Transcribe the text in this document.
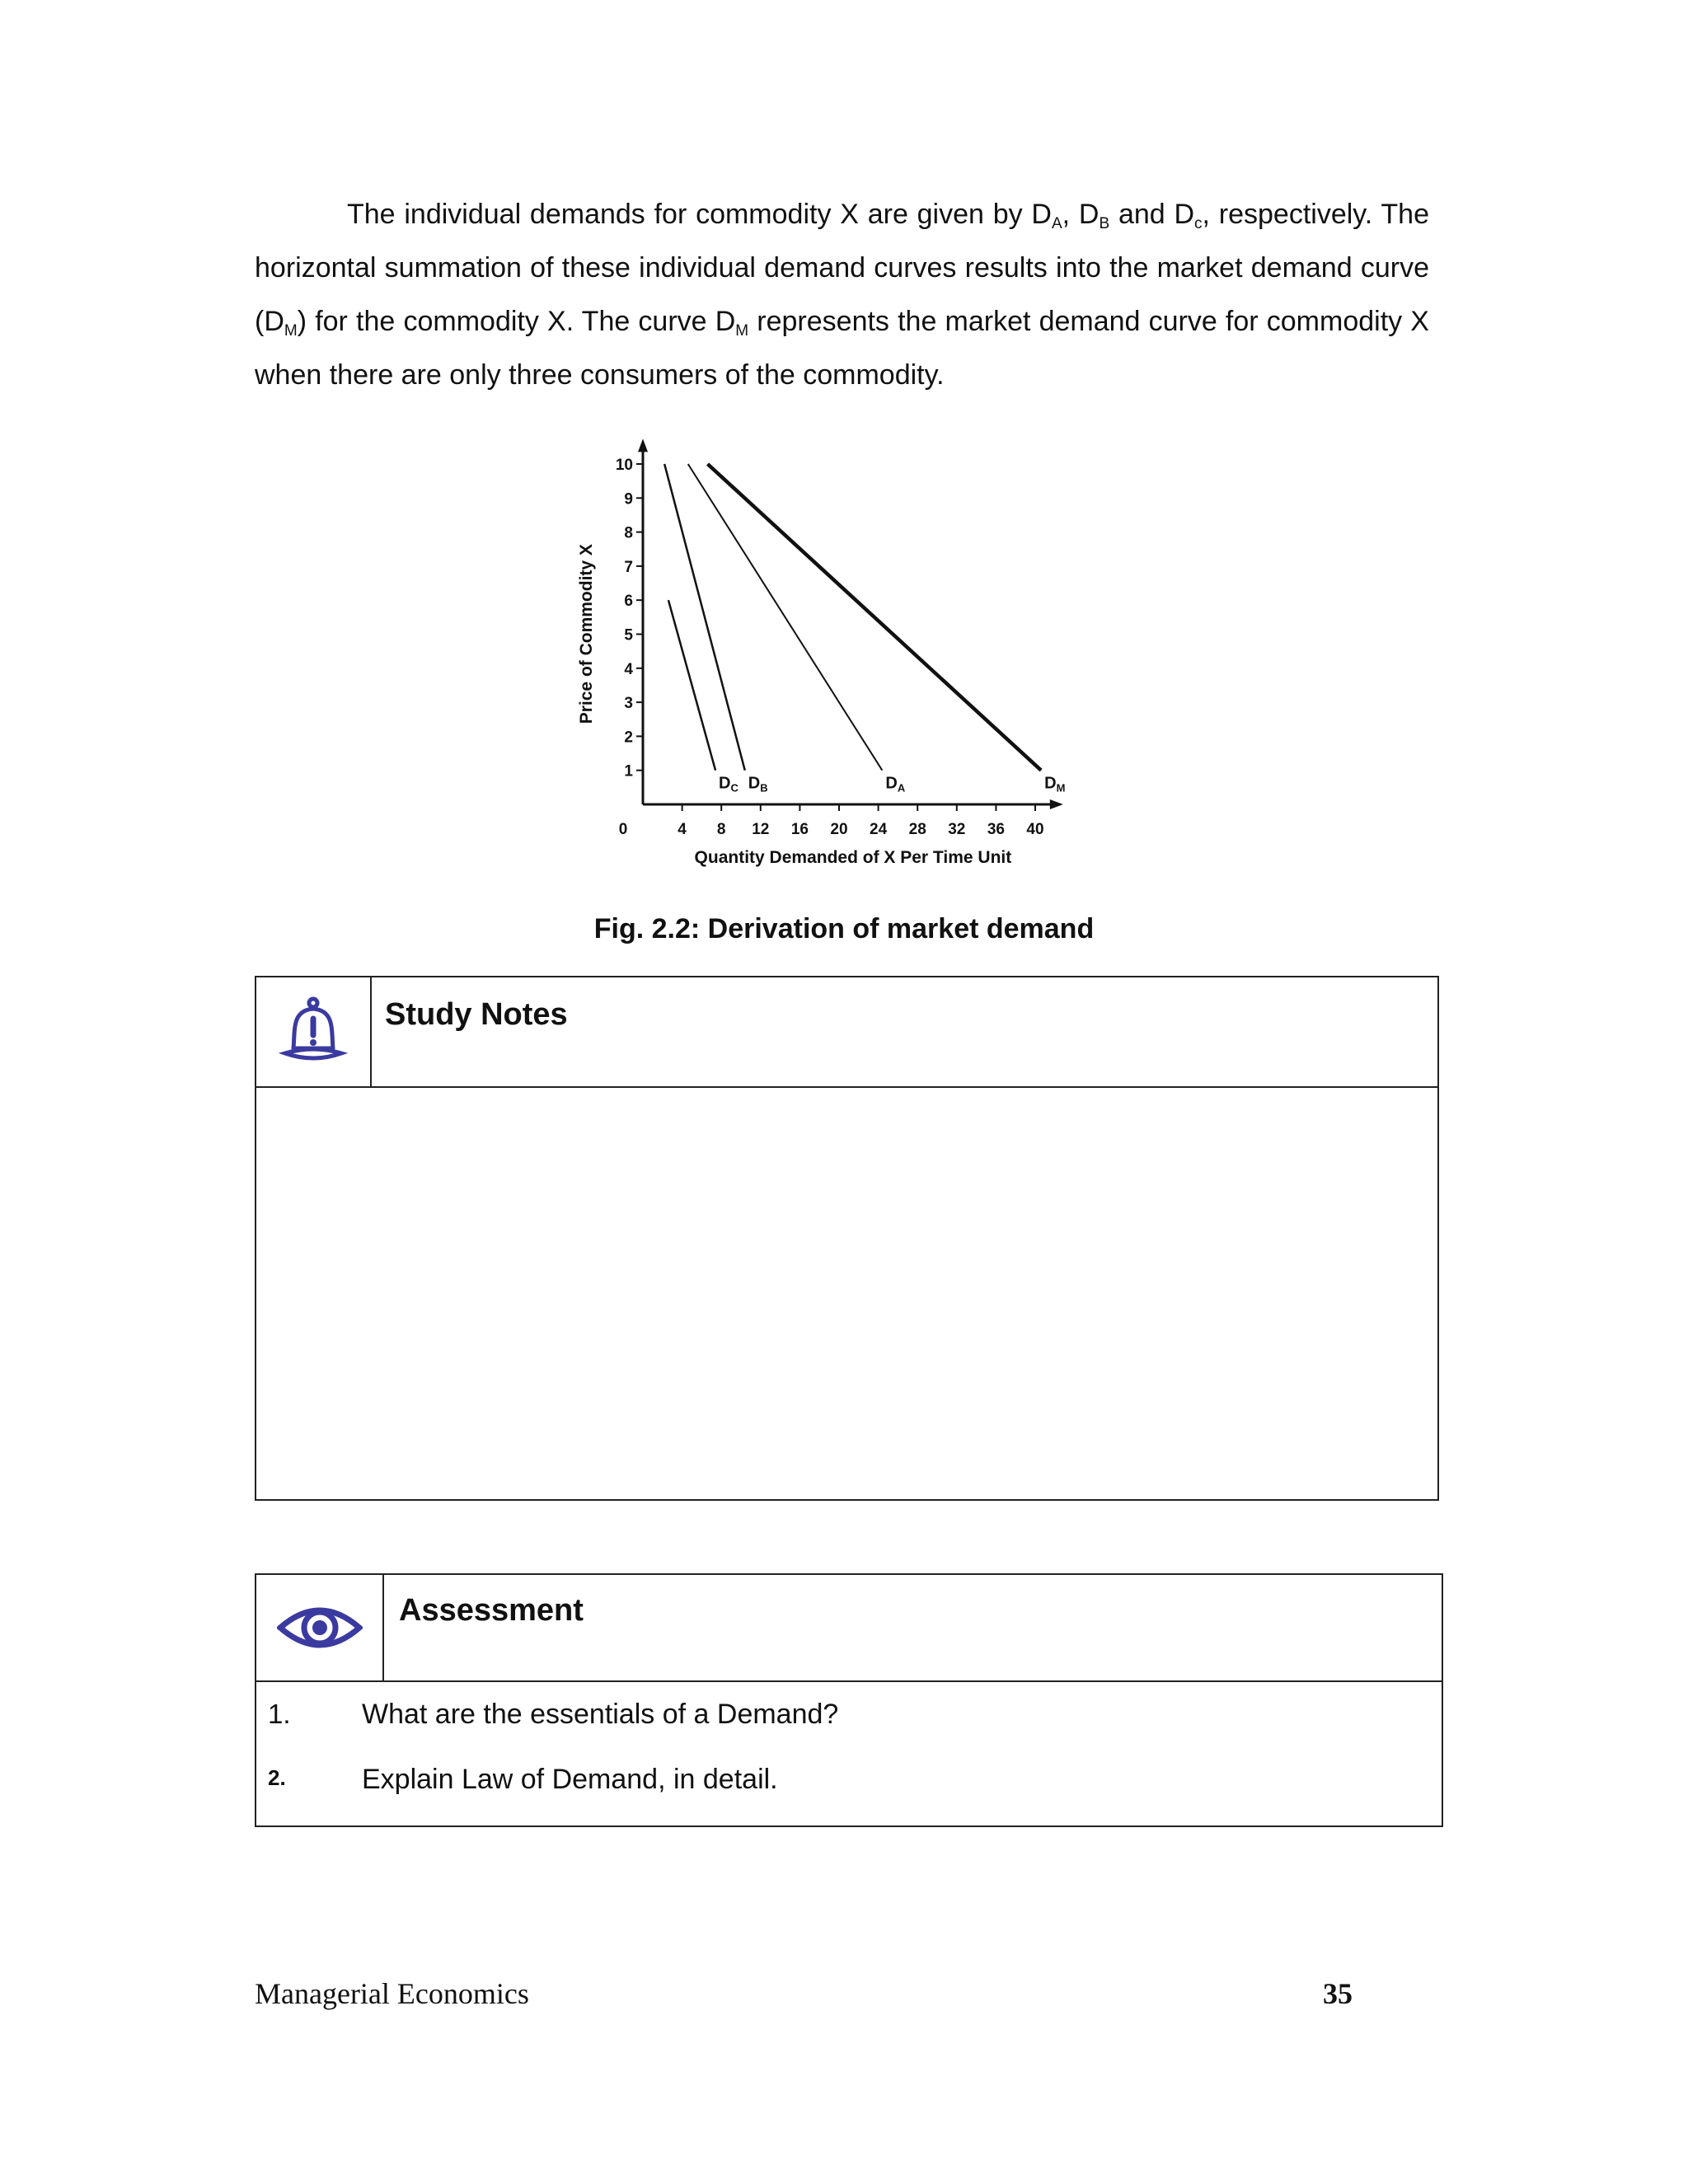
The individual demands for commodity X are given by $D_A$, $D_B$ and $D_c$, respectively. The horizontal summation of these individual demand curves results into the market demand curve $(D_M)$ for the commodity X. The curve $D_M$ represents the market demand curve for commodity X when there are only three consumers of the commodity.
1
2
3
4
5
6
7
8
9
10
0	4 8 12 16 20 24 28 32 36 40
Quantity Demanded of X Per Time Unit
Price of Commodity X
$D_C$ $D_B$	$D_A$	$D_M$
Fig. 2.2: Derivation of market demand
Study Notes
Assessment
1.	What are the essentials of a Demand?
2.	Explain Law of Demand, in detail.
Managerial Economics	35
